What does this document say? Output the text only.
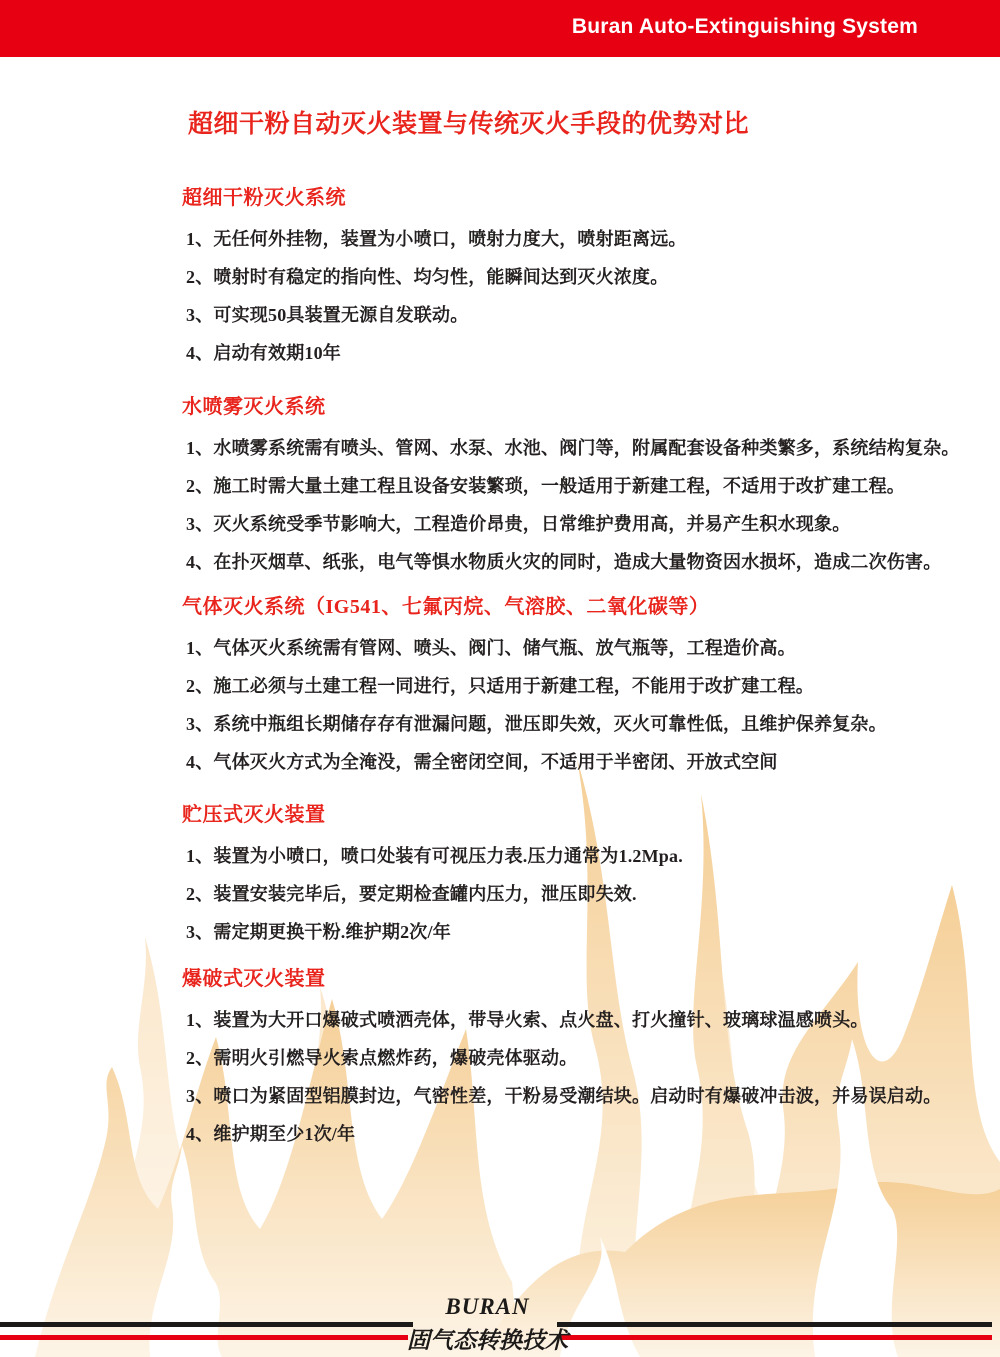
Buran Auto-Extinguishing System
超细干粉自动灭火装置与传统灭火手段的优势对比
超细干粉灭火系统

1、无任何外挂物，装置为小喷口，喷射力度大，喷射距离远。

2、喷射时有稳定的指向性、均匀性，能瞬间达到灭火浓度。

3、可实现50具装置无源自发联动。

4、启动有效期10年

水喷雾灭火系统

1、水喷雾系统需有喷头、管网、水泵、水池、阀门等，附属配套设备种类繁多，系统结构复杂。

2、施工时需大量土建工程且设备安装繁琐，一般适用于新建工程，不适用于改扩建工程。

3、灭火系统受季节影响大，工程造价昂贵，日常维护费用高，并易产生积水现象。

4、在扑灭烟草、纸张，电气等惧水物质火灾的同时，造成大量物资因水损坏，造成二次伤害。

气体灭火系统（IG541、七氟丙烷、气溶胶、二氧化碳等）

1、气体灭火系统需有管网、喷头、阀门、储气瓶、放气瓶等，工程造价高。

2、施工必须与土建工程一同进行，只适用于新建工程，不能用于改扩建工程。

3、系统中瓶组长期储存存有泄漏问题，泄压即失效，灭火可靠性低，且维护保养复杂。

4、气体灭火方式为全淹没，需全密闭空间，不适用于半密闭、开放式空间

贮压式灭火装置

1、装置为小喷口，喷口处装有可视压力表.压力通常为1.2Mpa.

2、装置安装完毕后，要定期检查罐内压力，泄压即失效.

3、需定期更换干粉.维护期2次/年

爆破式灭火装置

1、装置为大开口爆破式喷洒壳体，带导火索、点火盘、打火撞针、玻璃球温感喷头。

2、需明火引燃导火索点燃炸药，爆破壳体驱动。

3、喷口为紧固型铝膜封边，气密性差，干粉易受潮结块。启动时有爆破冲击波，并易误启动。

4、维护期至少1次/年

BURAN

固气态转换技术
